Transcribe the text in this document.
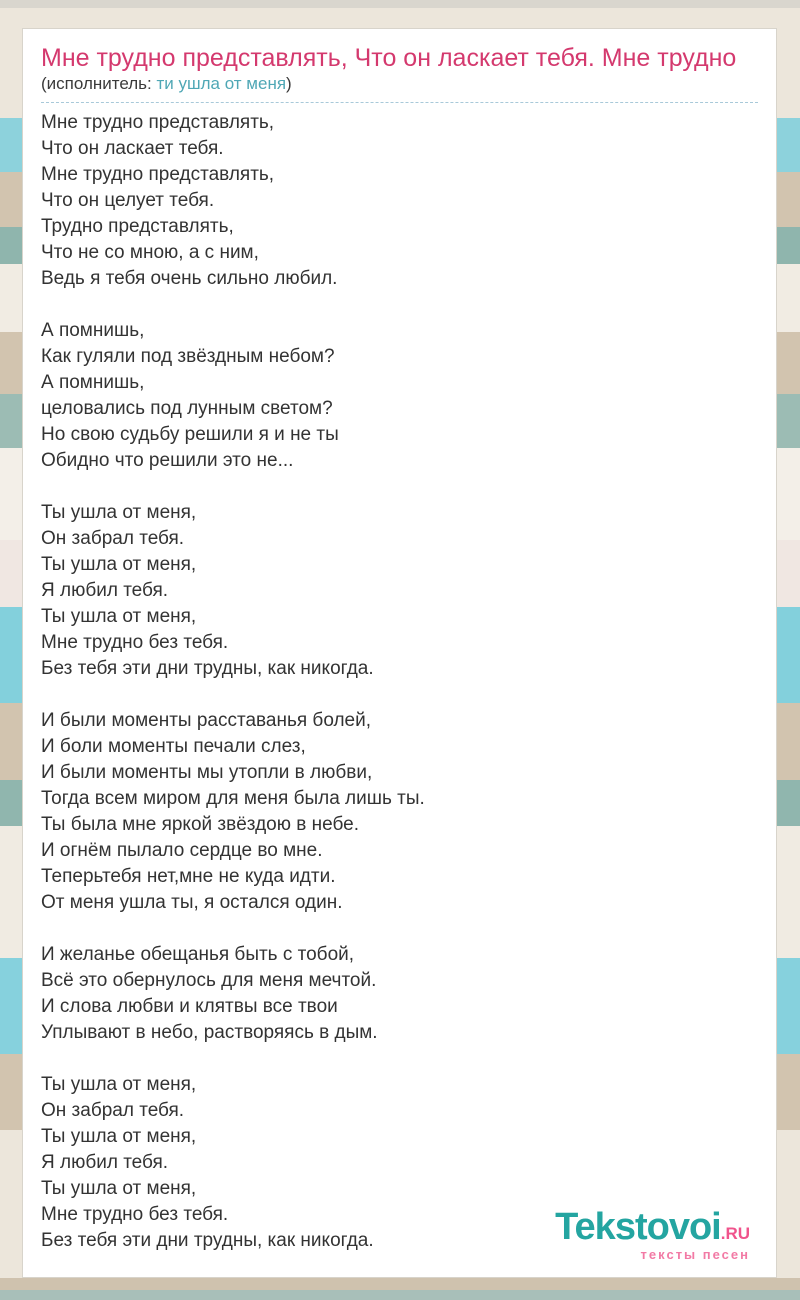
Мне трудно представлять, Что он ласкает тебя. Мне трудно
(исполнитель: ти ушла от меня)
Мне трудно представлять,
Что он ласкает тебя.
Мне трудно представлять,
Что он целует тебя.
Трудно представлять,
Что не со мною, а с ним,
Ведь я тебя очень сильно любил.
А помнишь,
Как гуляли под звёздным небом?
А помнишь,
целовались под лунным светом?
Но свою судьбу решили я и не ты
Обидно что решили это не...
Ты ушла от меня,
Он забрал тебя.
Ты ушла от меня,
Я любил тебя.
Ты ушла от меня,
Мне трудно без тебя.
Без тебя эти дни трудны, как никогда.
И были моменты расставанья болей,
И боли моменты печали слез,
И были моменты мы утопли в любви,
Тогда всем миром для меня была лишь ты.
Ты была мне яркой звёздою в небе.
И огнём пылало сердце во мне.
Теперьтебя нет,мне не куда идти.
От меня ушла ты, я остался один.
И желанье обещанья быть с тобой,
Всё это обернулось для меня мечтой.
И слова любви и клятвы все твои
Уплывают в небо, растворяясь в дым.
Ты ушла от меня,
Он забрал тебя.
Ты ушла от меня,
Я любил тебя.
Ты ушла от меня,
Мне трудно без тебя.
Без тебя эти дни трудны, как никогда.	Tekstovoi.RU
тексты песен
